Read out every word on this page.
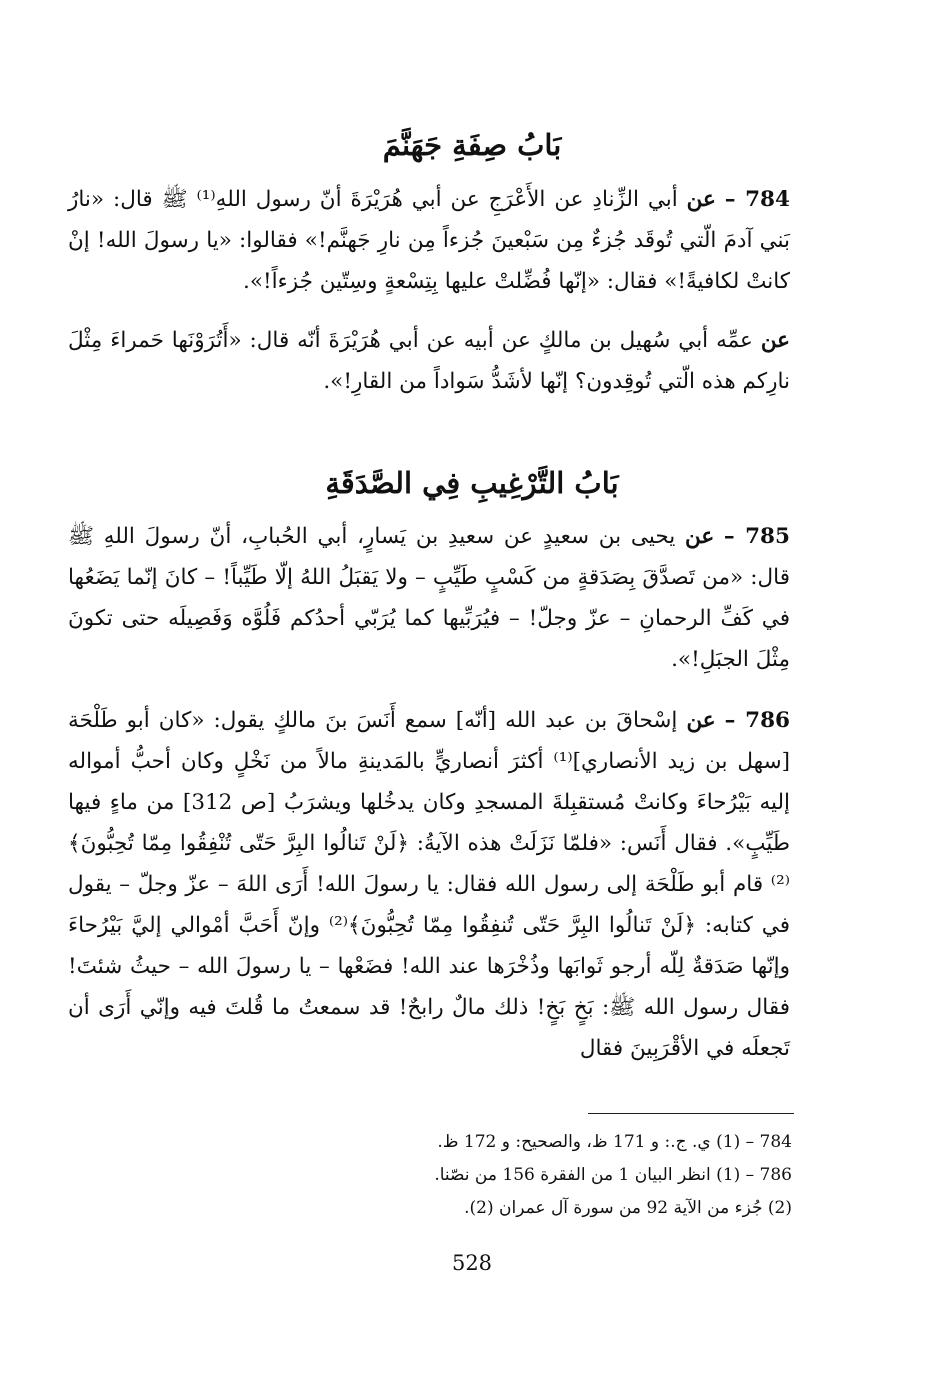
بَابُ صِفَةِ جَهَنَّمَ
784 – عن أبي الزِّنادِ عن الأَعْرَجِ عن أبي هُرَيْرَةَ أنّ رسول اللهِ⁽¹⁾ ﷺ قال: «نارُ بَني آدمَ الّتي تُوقَد جُزءٌ مِن سَبْعينَ جُزءاً مِن نارِ جَهنَّم!» فقالوا: «يا رسولَ الله! إنْ كانتْ لكافيةً!» فقال: «إنّها فُضِّلتْ عليها بِتِسْعةٍ وسِتّين جُزءاً!».
عن عمِّه أبي سُهيل بن مالكٍ عن أبيه عن أبي هُرَيْرَةَ أنّه قال: «أَتُرَوْنَها حَمراءَ مِثْلَ نارِكم هذه الّتي تُوقِدون؟ إنّها لأشَدُّ سَواداً من القارِ!».
بَابُ التَّرْغِيبِ فِي الصَّدَقَةِ
785 – عن يحيى بن سعيدٍ عن سعيدِ بن يَسارٍ، أبي الحُبابِ، أنّ رسولَ اللهِ ﷺ قال: «من تَصدَّقَ بِصَدَقةٍ من كَسْبٍ طَيِّبٍ – ولا يَقبَلُ اللهُ إلّا طَيِّباً! – كانَ إنّما يَضَعُها في كَفِّ الرحمانِ – عزّ وجلّ! – فيُرَبِّيها كما يُرَبّي أحدُكم فَلُوَّه وَفَصِيلَه حتى تكونَ مِثْلَ الجبَلِ!».
786 – عن إسْحاقَ بن عبد الله [أنّه] سمع أَنَسَ بنَ مالكٍ يقول: «كان أبو طَلْحَة [سهل بن زيد الأنصاري]⁽¹⁾ أكثرَ أنصاريٍّ بالمَدينةِ مالاً من نَخْلٍ وكان أحبُّ أمواله إليه بَيْرُحاءَ وكانتْ مُستقبِلةَ المسجدِ وكان يدخُلها ويشرَبُ [ص 312] من ماءٍ فيها طَيِّبٍ». فقال أَنَس: «فلمّا نَزَلَتْ هذه الآيةُ: ﴿لَنْ تَنالُوا البِرَّ حَتّى تُنْفِقُوا مِمّا تُحِبُّونَ﴾⁽²⁾ قام أبو طَلْحَة إلى رسول الله فقال: يا رسولَ الله! أَرَى اللهَ – عزّ وجلّ – يقول في كتابه: ﴿لَنْ تَنالُوا البِرَّ حَتّى تُنفِقُوا مِمّا تُحِبُّونَ﴾⁽²⁾ وإنّ أَحَبَّ أمْوالي إليَّ بَيْرُحاءَ وإنّها صَدَقةٌ لِلّه أرجو ثَوابَها وذُخْرَها عند الله! فضَعْها – يا رسولَ الله – حيثُ شئتَ! فقال رسول الله ﷺ: بَخٍ بَخٍ! ذلك مالٌ رابحٌ! قد سمعتُ ما قُلتَ فيه وإنّي أَرَى أن تَجعلَه في الأقْرَبِينَ فقال
784 – (1) ي. ج.: و 171 ظ، والصحيح: و 172 ظ.
786 – (1) انظر البيان 1 من الفقرة 156 من نصّنا.
(2) جُزء من الآية 92 من سورة آل عمران (2).
528
